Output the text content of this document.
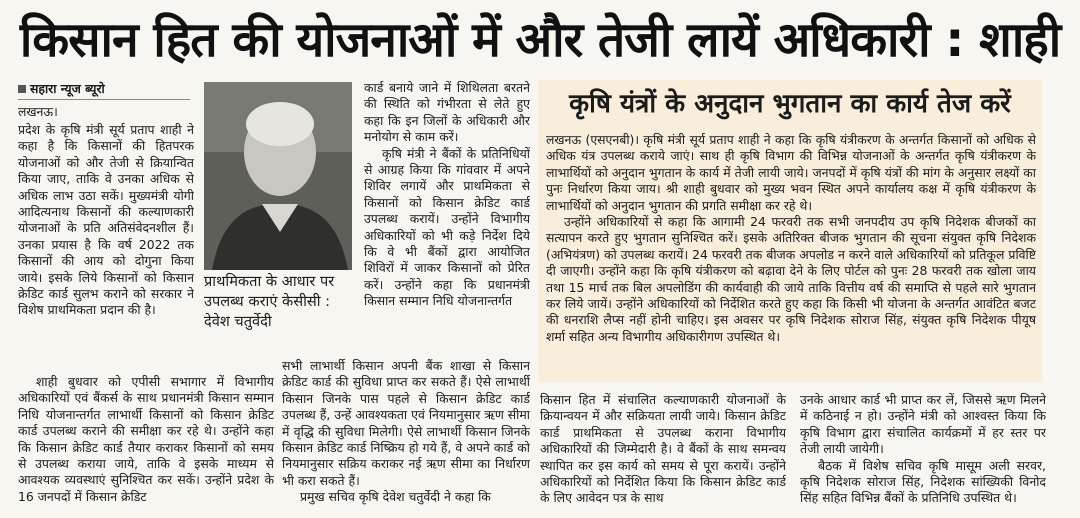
किसान हित की योजनाओं में और तेजी लायें अधिकारी : शाही
सहारा न्यूज ब्यूरो
लखनऊ।

प्रदेश के कृषि मंत्री सूर्य प्रताप शाही ने कहा है कि किसानों की हितपरक योजनाओं को और तेजी से क्रियान्वित किया जाए, ताकि वे उनका अधिक से अधिक लाभ उठा सकें। मुख्यमंत्री योगी आदित्यनाथ किसानों की कल्याणकारी योजनाओं के प्रति अतिसंवेदनशील हैं। उनका प्रयास है कि वर्ष 2022 तक किसानों की आय को दोगुना किया जाये। इसके लिये किसानों को किसान क्रेडिट कार्ड सुलभ कराने को सरकार ने विशेष प्राथमिकता प्रदान की है।

शाही बुधवार को एपीसी सभागार में विभागीय अधिकारियों एवं बैंकर्स के साथ प्रधानमंत्री किसान सम्मान निधि योजनान्तर्गत लाभार्थी किसानों को किसान क्रेडिट कार्ड उपलब्ध कराने की समीक्षा कर रहे थे। उन्होंने कहा कि किसान क्रेडिट कार्ड तैयार कराकर किसानों को समय से उपलब्ध कराया जाये, ताकि वे इसके माध्यम से आवश्यक व्यवस्थाएं सुनिश्चित कर सकें। उन्होंने प्रदेश के 16 जनपदों में किसान क्रेडिट

प्राथमिकता के आधार पर उपलब्ध कराएं केसीसी : देवेश चतुर्वेदी

कार्ड बनाये जाने में शिथिलता बरतने की स्थिति को गंभीरता से लेते हुए कहा कि इन जिलों के अधिकारी और मनोयोग से काम करें।

कृषि मंत्री ने बैंकों के प्रतिनिधियों से आग्रह किया कि गांववार में अपने शिविर लगायें और प्राथमिकता से किसानों को किसान क्रेडिट कार्ड उपलब्ध करायें। उन्होंने विभागीय अधिकारियों को भी कड़े निर्देश दिये कि वे भी बैंकों द्वारा आयोजित शिविरों में जाकर किसानों को प्रेरित करें। उन्होंने कहा कि प्रधानमंत्री किसान सम्मान निधि योजनान्तर्गत

सभी लाभार्थी किसान अपनी बैंक शाखा से किसान क्रेडिट कार्ड की सुविधा प्राप्त कर सकते हैं। ऐसे लाभार्थी किसान जिनके पास पहले से किसान क्रेडिट कार्ड उपलब्ध हैं, उन्हें आवश्यकता एवं नियमानुसार ऋण सीमा में वृद्धि की सुविधा मिलेगी। ऐसे लाभार्थी किसान जिनके किसान क्रेडिट कार्ड निष्क्रिय हो गये हैं, वे अपने कार्ड को नियमानुसार सक्रिय कराकर नई ऋण सीमा का निर्धारण भी करा सकते हैं।

प्रमुख सचिव कृषि देवेश चतुर्वेदी ने कहा कि

कृषि यंत्रों के अनुदान भुगतान का कार्य तेज करें

लखनऊ (एसएनबी)। कृषि मंत्री सूर्य प्रताप शाही ने कहा कि कृषि यंत्रीकरण के अन्तर्गत किसानों को अधिक से अधिक यंत्र उपलब्ध कराये जाएं। साथ ही कृषि विभाग की विभिन्न योजनाओं के अन्तर्गत कृषि यंत्रीकरण के लाभार्थियों को अनुदान भुगतान के कार्य में तेजी लायी जाये। जनपदों में कृषि यंत्रों की मांग के अनुसार लक्ष्यों का पुनः निर्धारण किया जाय। श्री शाही बुधवार को मुख्य भवन स्थित अपने कार्यालय कक्ष में कृषि यंत्रीकरण के लाभार्थियों को अनुदान भुगतान की प्रगति समीक्षा कर रहे थे।

उन्होंने अधिकारियों से कहा कि आगामी 24 फरवरी तक सभी जनपदीय उप कृषि निदेशक बीजकों का सत्यापन करते हुए भुगतान सुनिश्चित करें। इसके अतिरिक्त बीजक भुगतान की सूचना संयुक्त कृषि निदेशक (अभियंत्रण) को उपलब्ध करायें। 24 फरवरी तक बीजक अपलोड न करने वाले अधिकारियों को प्रतिकूल प्रविष्टि दी जाएगी। उन्होंने कहा कि कृषि यंत्रीकरण को बढ़ावा देने के लिए पोर्टल को पुनः 28 फरवरी तक खोला जाय तथा 15 मार्च तक बिल अपलोडिंग की कार्यवाही की जाये ताकि वित्तीय वर्ष की समाप्ति से पहले सारे भुगतान कर लिये जायें। उन्होंने अधिकारियों को निर्देशित करते हुए कहा कि किसी भी योजना के अन्तर्गत आवंटित बजट की धनराशि लैप्स नहीं होनी चाहिए। इस अवसर पर कृषि निदेशक सोराज सिंह, संयुक्त कृषि निदेशक पीयूष शर्मा सहित अन्य विभागीय अधिकारीगण उपस्थित थे।

किसान हित में संचालित कल्याणकारी योजनाओं के क्रियान्वयन में और सक्रियता लायी जाये। किसान क्रेडिट कार्ड प्राथमिकता से उपलब्ध कराना विभागीय अधिकारियों की जिम्मेदारी है। वे बैंकों के साथ समन्वय स्थापित कर इस कार्य को समय से पूरा करायें। उन्होंने अधिकारियों को निर्देशित किया कि किसान क्रेडिट कार्ड के लिए आवेदन पत्र के साथ

उनके आधार कार्ड भी प्राप्त कर लें, जिससे ऋण मिलने में कठिनाई न हो। उन्होंने मंत्री को आश्वस्त किया कि कृषि विभाग द्वारा संचालित कार्यक्रमों में हर स्तर पर तेजी लायी जायेगी।

बैठक में विशेष सचिव कृषि मासूम अली सरवर, कृषि निदेशक सोराज सिंह, निदेशक सांख्यिकी विनोद सिंह सहित विभिन्न बैंकों के प्रतिनिधि उपस्थित थे।
